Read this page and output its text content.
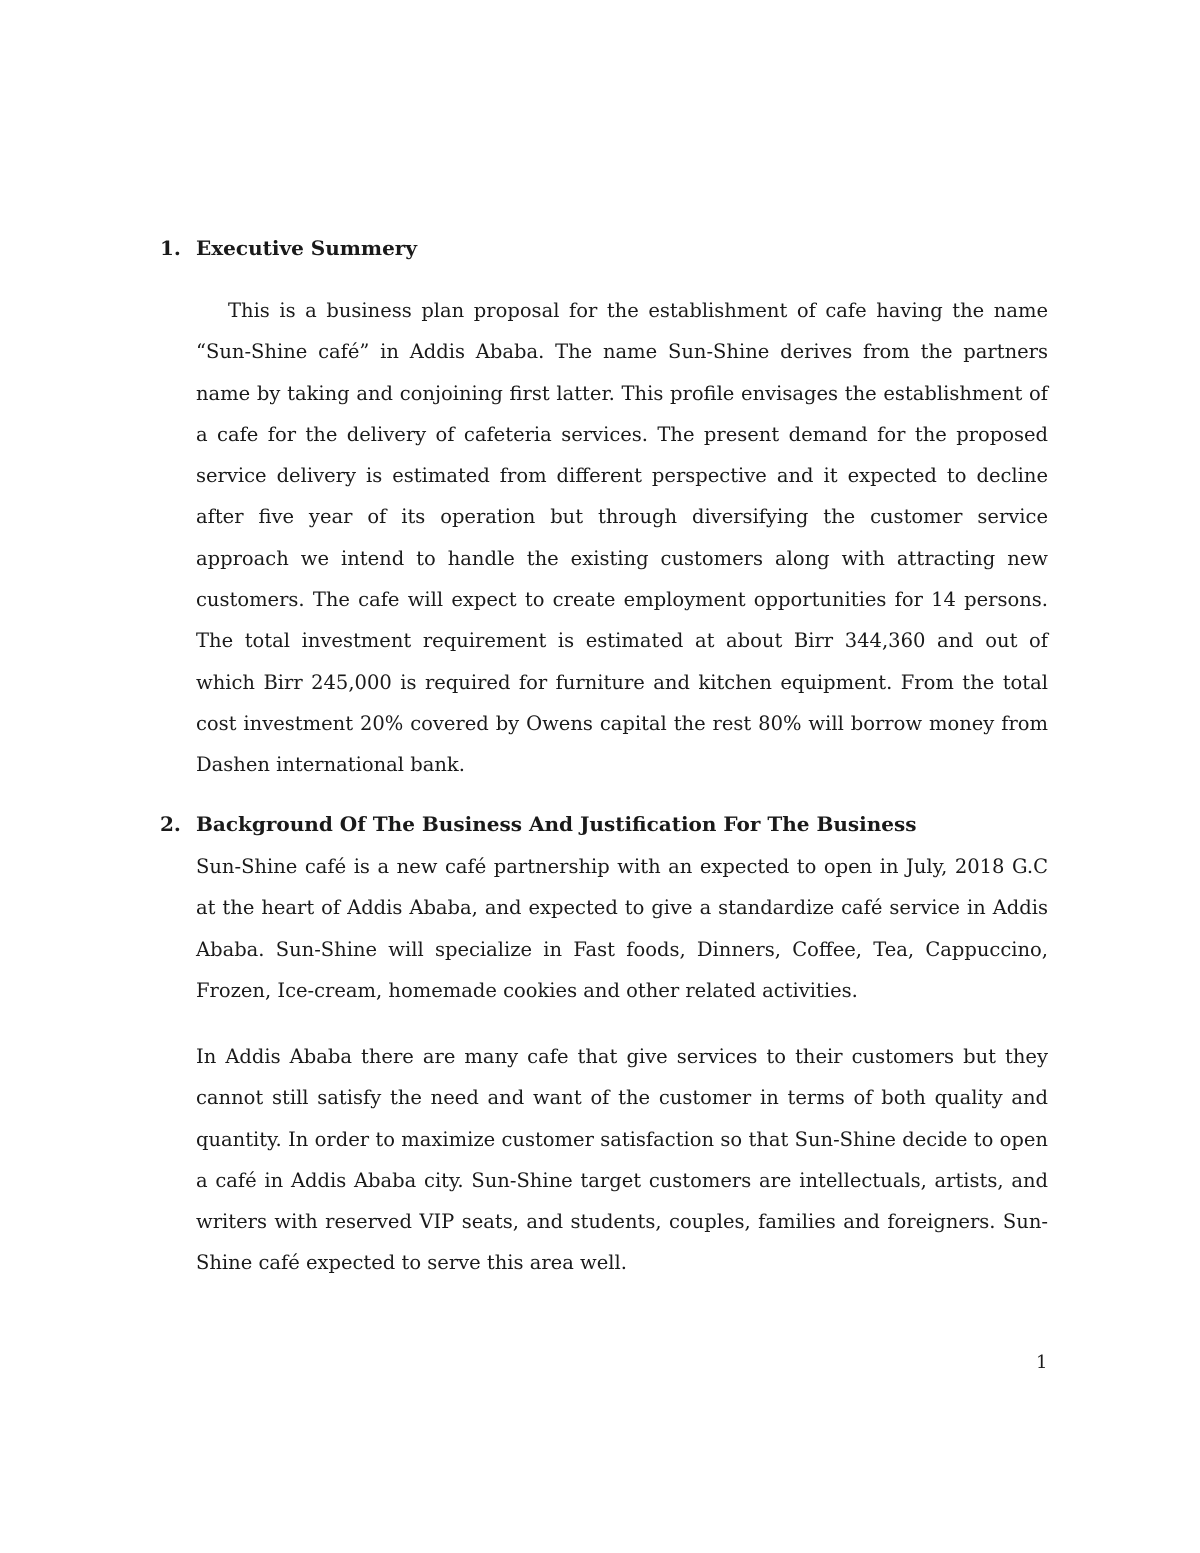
1. Executive Summery

This is a business plan proposal for the establishment of cafe having the name “Sun-Shine café” in Addis Ababa. The name Sun-Shine derives from the partners name by taking and conjoining first latter. This profile envisages the establishment of a cafe for the delivery of cafeteria services. The present demand for the proposed service delivery is estimated from different perspective and it expected to decline after five year of its operation but through diversifying the customer service approach we intend to handle the existing customers along with attracting new customers. The cafe will expect to create employment opportunities for 14 persons. The total investment requirement is estimated at about Birr 344,360 and out of which Birr 245,000 is required for furniture and kitchen equipment. From the total cost investment 20% covered by Owens capital the rest 80% will borrow money from Dashen international bank.

2. Background Of The Business And Justification For The Business

Sun-Shine café is a new café partnership with an expected to open in July, 2018 G.C at the heart of Addis Ababa, and expected to give a standardize café service in Addis Ababa. Sun-Shine will specialize in Fast foods, Dinners, Coffee, Tea, Cappuccino, Frozen, Ice-cream, homemade cookies and other related activities.

In Addis Ababa there are many cafe that give services to their customers but they cannot still satisfy the need and want of the customer in terms of both quality and quantity. In order to maximize customer satisfaction so that Sun-Shine decide to open a café in Addis Ababa city. Sun-Shine target customers are intellectuals, artists, and writers with reserved VIP seats, and students, couples, families and foreigners. Sun-Shine café expected to serve this area well.

1
